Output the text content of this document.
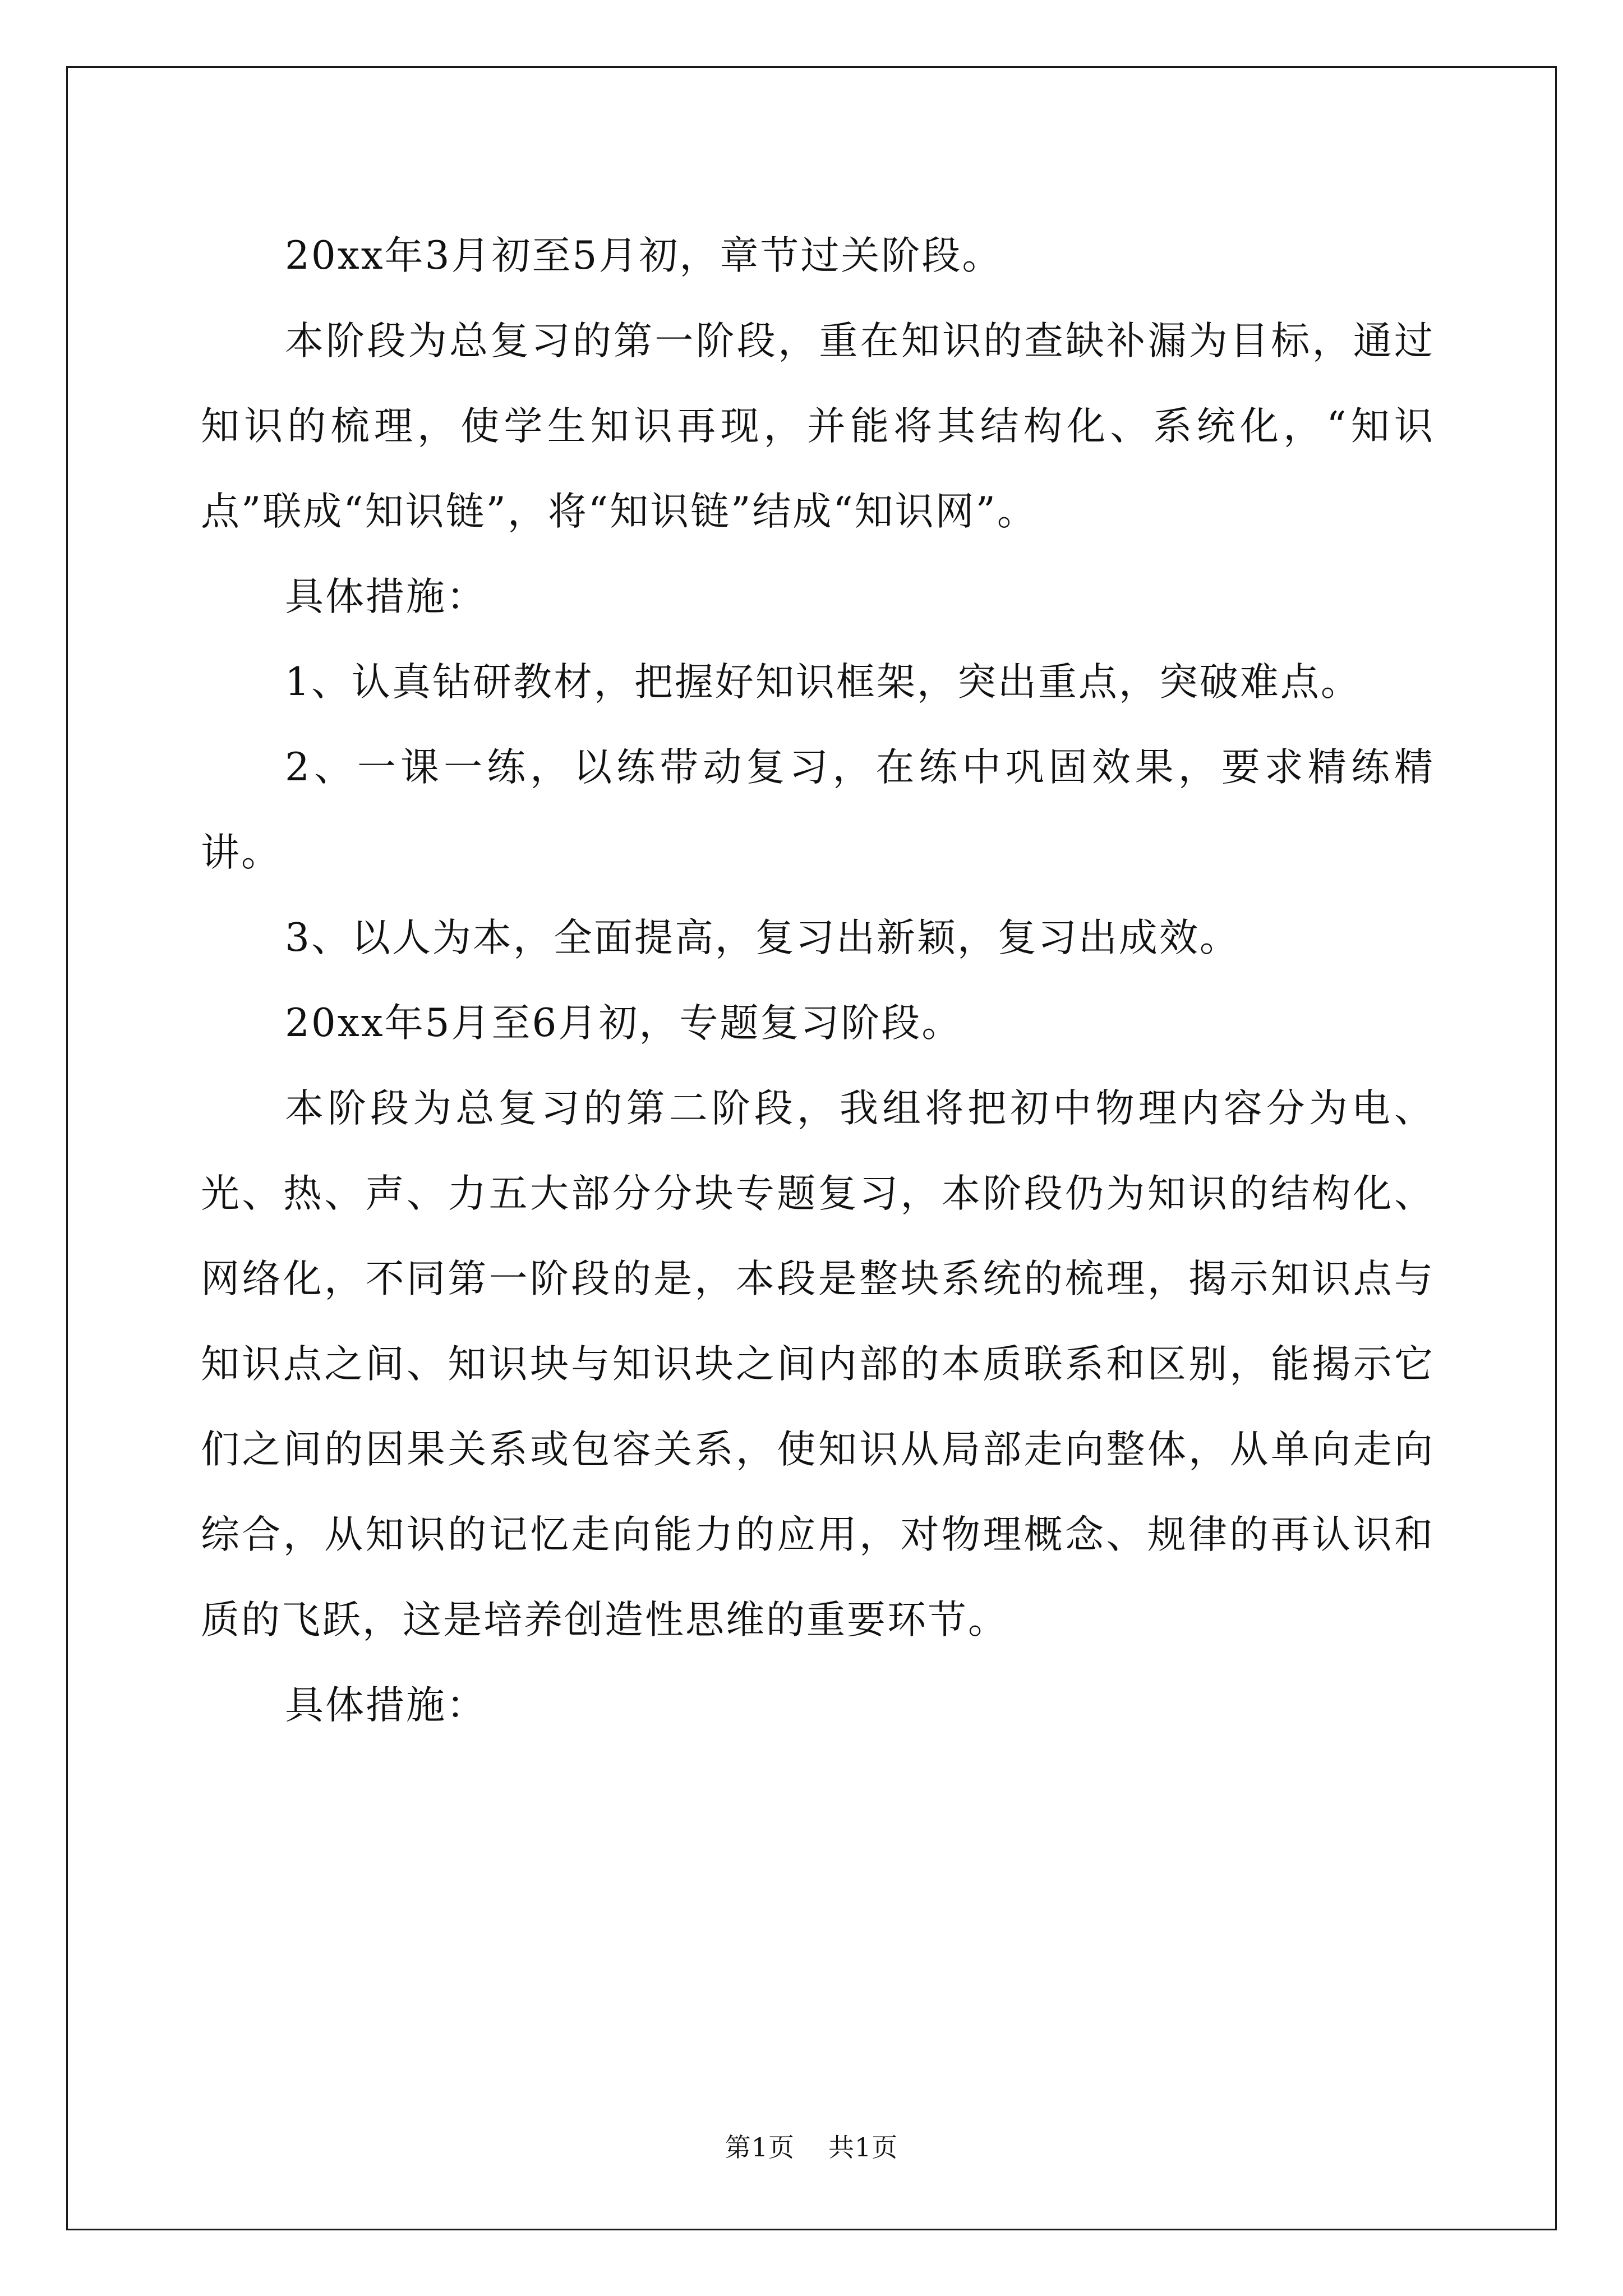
20xx年3月初至5月初，章节过关阶段。

本阶段为总复习的第一阶段，重在知识的查缺补漏为目标，通过知识的梳理，使学生知识再现，并能将其结构化、系统化，“知识点”联成“知识链”，将“知识链”结成“知识网”。

具体措施：

1、认真钻研教材，把握好知识框架，突出重点，突破难点。

2、一课一练，以练带动复习，在练中巩固效果，要求精练精讲。

3、以人为本，全面提高，复习出新颖，复习出成效。

20xx年5月至6月初，专题复习阶段。

本阶段为总复习的第二阶段，我组将把初中物理内容分为电、光、热、声、力五大部分分块专题复习，本阶段仍为知识的结构化、网络化，不同第一阶段的是，本段是整块系统的梳理，揭示知识点与知识点之间、知识块与知识块之间内部的本质联系和区别，能揭示它们之间的因果关系或包容关系，使知识从局部走向整体，从单向走向综合，从知识的记忆走向能力的应用，对物理概念、规律的再认识和质的飞跃，这是培养创造性思维的重要环节。

具体措施：

第1页 共1页
